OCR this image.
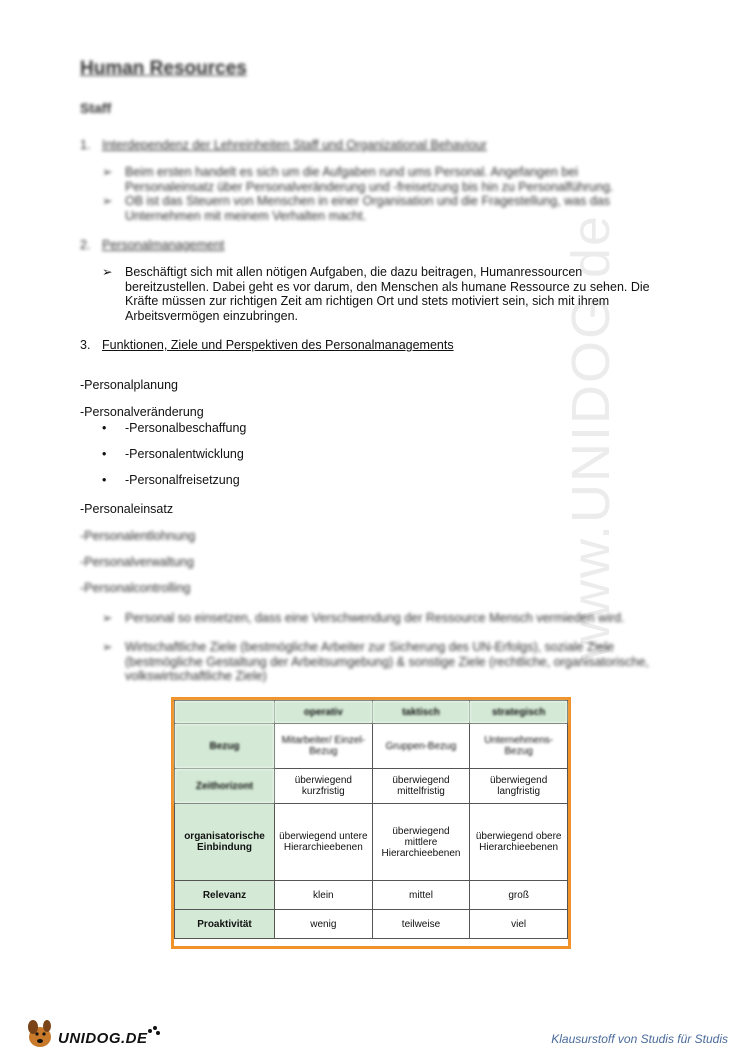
www.UNIDOG.de
Human Resources
Staff
1. Interdependenz der Lehreinheiten Staff und Organizational Behaviour
➢ Beim ersten handelt es sich um die Aufgaben rund ums Personal. Angefangen bei Personaleinsatz über Personalveränderung und -freisetzung bis hin zu Personalführung.
➢ OB ist das Steuern von Menschen in einer Organisation und die Fragestellung, was das Unternehmen mit meinem Verhalten macht.
2. Personalmanagement
➢ Beschäftigt sich mit allen nötigen Aufgaben, die dazu beitragen, Humanressourcen bereitzustellen. Dabei geht es vor darum, den Menschen als humane Ressource zu sehen. Die Kräfte müssen zur richtigen Zeit am richtigen Ort und stets motiviert sein, sich mit ihrem Arbeitsvermögen einzubringen.
3. Funktionen, Ziele und Perspektiven des Personalmanagements
-Personalplanung
-Personalveränderung
• -Personalbeschaffung
• -Personalentwicklung
• -Personalfreisetzung
-Personaleinsatz
-Personalentlohnung
-Personalverwaltung
-Personalcontrolling
➢ Personal so einsetzen, dass eine Verschwendung der Ressource Mensch vermieden wird.
➢ Wirtschaftliche Ziele (bestmögliche Arbeiter zur Sicherung des UN-Erfolgs), soziale Ziele (bestmögliche Gestaltung der Arbeitsumgebung) & sonstige Ziele (rechtliche, organisatorische, volkswirtschaftliche Ziele)
	operativ	taktisch	strategisch
Bezug	Mitarbeiter/ Einzel-Bezug	Gruppen-Bezug	Unternehmens-Bezug
Zeithorizont	überwiegend kurzfristig	überwiegend mittelfristig	überwiegend langfristig
organisatorische Einbindung	überwiegend untere Hierarchieebenen	überwiegend mittlere Hierarchieebenen	überwiegend obere Hierarchieebenen
Relevanz	klein	mittel	groß
Proaktivität	wenig	teilweise	viel
UNIDOG.DE	Klausurstoff von Studis für Studis
